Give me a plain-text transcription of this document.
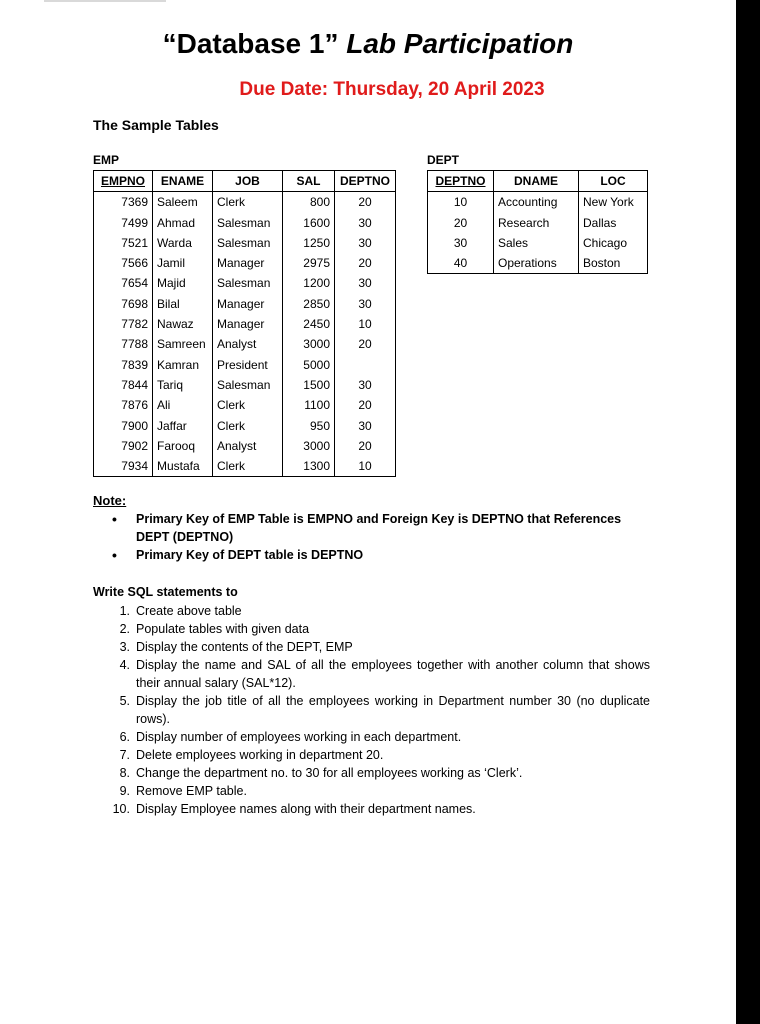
“Database 1” Lab Participation
Due Date: Thursday, 20 April 2023
The Sample Tables
EMP
EMPNO	ENAME	JOB	SAL	DEPTNO
7369	Saleem	Clerk	800	20
7499	Ahmad	Salesman	1600	30
7521	Warda	Salesman	1250	30
7566	Jamil	Manager	2975	20
7654	Majid	Salesman	1200	30
7698	Bilal	Manager	2850	30
7782	Nawaz	Manager	2450	10
7788	Samreen	Analyst	3000	20
7839	Kamran	President	5000	
7844	Tariq	Salesman	1500	30
7876	Ali	Clerk	1100	20
7900	Jaffar	Clerk	950	30
7902	Farooq	Analyst	3000	20
7934	Mustafa	Clerk	1300	10
DEPT
DEPTNO	DNAME	LOC
10	Accounting	New York
20	Research	Dallas
30	Sales	Chicago
40	Operations	Boston
Note:
• Primary Key of EMP Table is EMPNO and Foreign Key is DEPTNO that References DEPT (DEPTNO)
• Primary Key of DEPT table is DEPTNO
Write SQL statements to
1. Create above table
2. Populate tables with given data
3. Display the contents of the DEPT, EMP
4. Display the name and SAL of all the employees together with another column that shows their annual salary (SAL*12).
5. Display the job title of all the employees working in Department number 30 (no duplicate rows).
6. Display number of employees working in each department.
7. Delete employees working in department 20.
8. Change the department no. to 30 for all employees working as ‘Clerk’.
9. Remove EMP table.
10. Display Employee names along with their department names.
